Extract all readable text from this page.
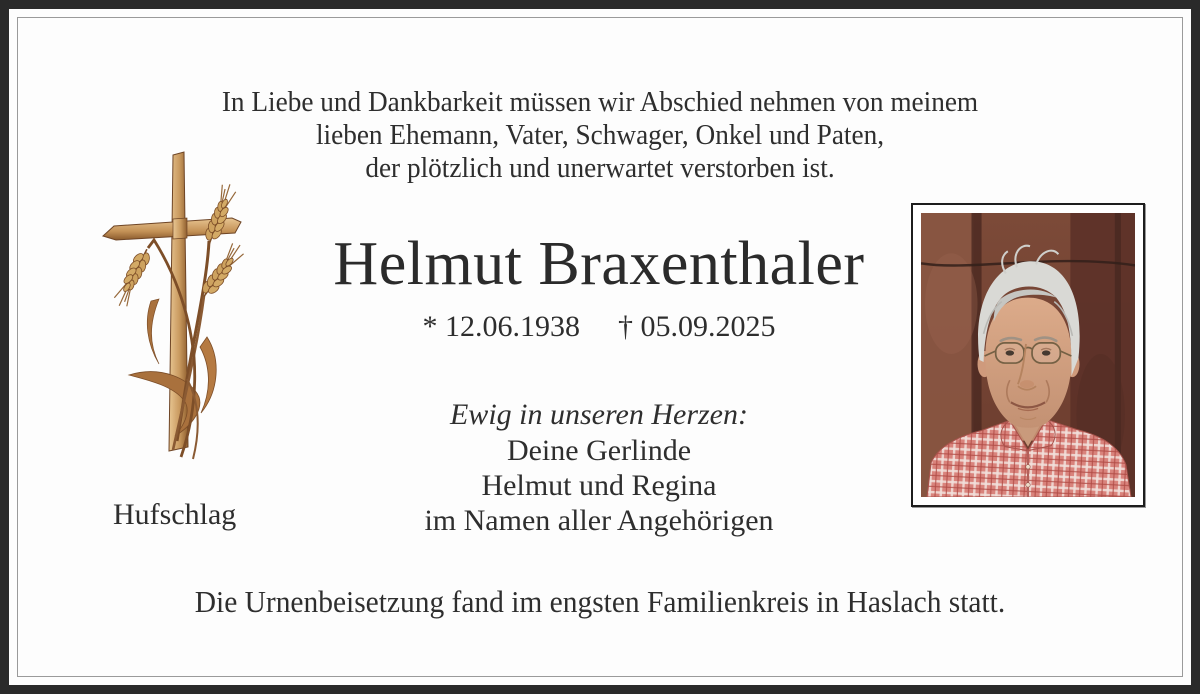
In Liebe und Dankbarkeit müssen wir Abschied nehmen von meinem
lieben Ehemann, Vater, Schwager, Onkel und Paten,
der plötzlich und unerwartet verstorben ist.
Helmut Braxenthaler
* 12.06.1938 † 05.09.2025
Ewig in unseren Herzen:
Deine Gerlinde
Helmut und Regina
im Namen aller Angehörigen
Hufschlag
Die Urnenbeisetzung fand im engsten Familienkreis in Haslach statt.
